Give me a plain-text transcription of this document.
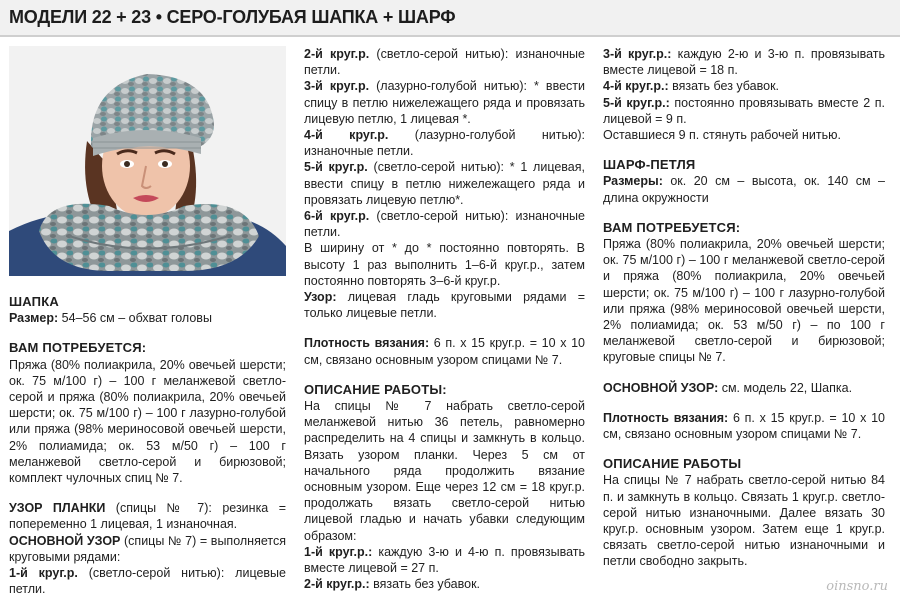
МОДЕЛИ 22 + 23 • СЕРО-ГОЛУБАЯ ШАПКА + ШАРФ

ШАПКА

Размер: 54–56 см – обхват головы

ВАМ ПОТРЕБУЕТСЯ:

Пряжа (80% полиакрила, 20% овечьей шерсти; ок. 75 м/100 г) – 100 г меланжевой светло-серой и пряжа (80% полиакрила, 20% овечьей шерсти; ок. 75 м/100 г) – 100 г лазурно-голубой или пряжа (98% мериносовой овечьей шерсти, 2% полиамида; ок. 53 м/50 г) – 100 г меланжевой светло-серой и бирюзовой; комплект чулочных спиц № 7.

УЗОР ПЛАНКИ (спицы № 7): резинка = попеременно 1 лицевая, 1 изнаночная.

ОСНОВНОЙ УЗОР (спицы № 7) = выполняется круговыми рядами:

1-й круг.р. (светло-серой нитью): лицевые петли.

2-й круг.р. (светло-серой нитью): изнаночные петли.

3-й круг.р. (лазурно-голубой нитью): * ввести спицу в петлю нижележащего ряда и провязать лицевую петлю, 1 лицевая *.

4-й круг.р. (лазурно-голубой нитью): изнаночные петли.

5-й круг.р. (светло-серой нитью): * 1 лицевая, ввести спицу в петлю нижележащего ряда и провязать лицевую петлю*.

6-й круг.р. (светло-серой нитью): изнаночные петли.

В ширину от * до * постоянно повторять. В высоту 1 раз выполнить 1–6-й круг.р., затем постоянно повторять 3–6-й круг.р.

Узор: лицевая гладь круговыми рядами = только лицевые петли.

Плотность вязания: 6 п. х 15 круг.р. = 10 х 10 см, связано основным узором спицами № 7.

ОПИСАНИЕ РАБОТЫ:

На спицы № 7 набрать светло-серой меланжевой нитью 36 петель, равномерно распределить на 4 спицы и замкнуть в кольцо. Вязать узором планки. Через 5 см от начального ряда продолжить вязание основным узором. Еще через 12 см = 18 круг.р. продолжать вязать светло-серой нитью лицевой гладью и начать убавки следующим образом:

1-й круг.р.: каждую 3-ю и 4-ю п. провязывать вместе лицевой = 27 п.

2-й круг.р.: вязать без убавок.

3-й круг.р.: каждую 2-ю и 3-ю п. провязывать вместе лицевой = 18 п.

4-й круг.р.: вязать без убавок.

5-й круг.р.: постоянно провязывать вместе 2 п. лицевой = 9 п.

Оставшиеся 9 п. стянуть рабочей нитью.

ШАРФ-ПЕТЛЯ

Размеры: ок. 20 см – высота, ок. 140 см – длина окружности

ВАМ ПОТРЕБУЕТСЯ:

Пряжа (80% полиакрила, 20% овечьей шерсти; ок. 75 м/100 г) – 100 г меланжевой светло-серой и пряжа (80% полиакрила, 20% овечьей шерсти; ок. 75 м/100 г) – 100 г лазурно-голубой или пряжа (98% мериносовой овечьей шерсти, 2% полиамида; ок. 53 м/50 г) – по 100 г меланжевой светло-серой и бирюзовой; круговые спицы № 7.

ОСНОВНОЙ УЗОР: см. модель 22, Шапка.

Плотность вязания: 6 п. х 15 круг.р. = 10 х 10 см, связано основным узором спицами № 7.

ОПИСАНИЕ РАБОТЫ

На спицы № 7 набрать светло-серой нитью 84 п. и замкнуть в кольцо. Связать 1 круг.р. светло-серой нитью изнаночными. Далее вязать 30 круг.р. основным узором. Затем еще 1 круг.р. связать светло-серой нитью изнаночными и петли свободно закрыть.

oinsno.ru
